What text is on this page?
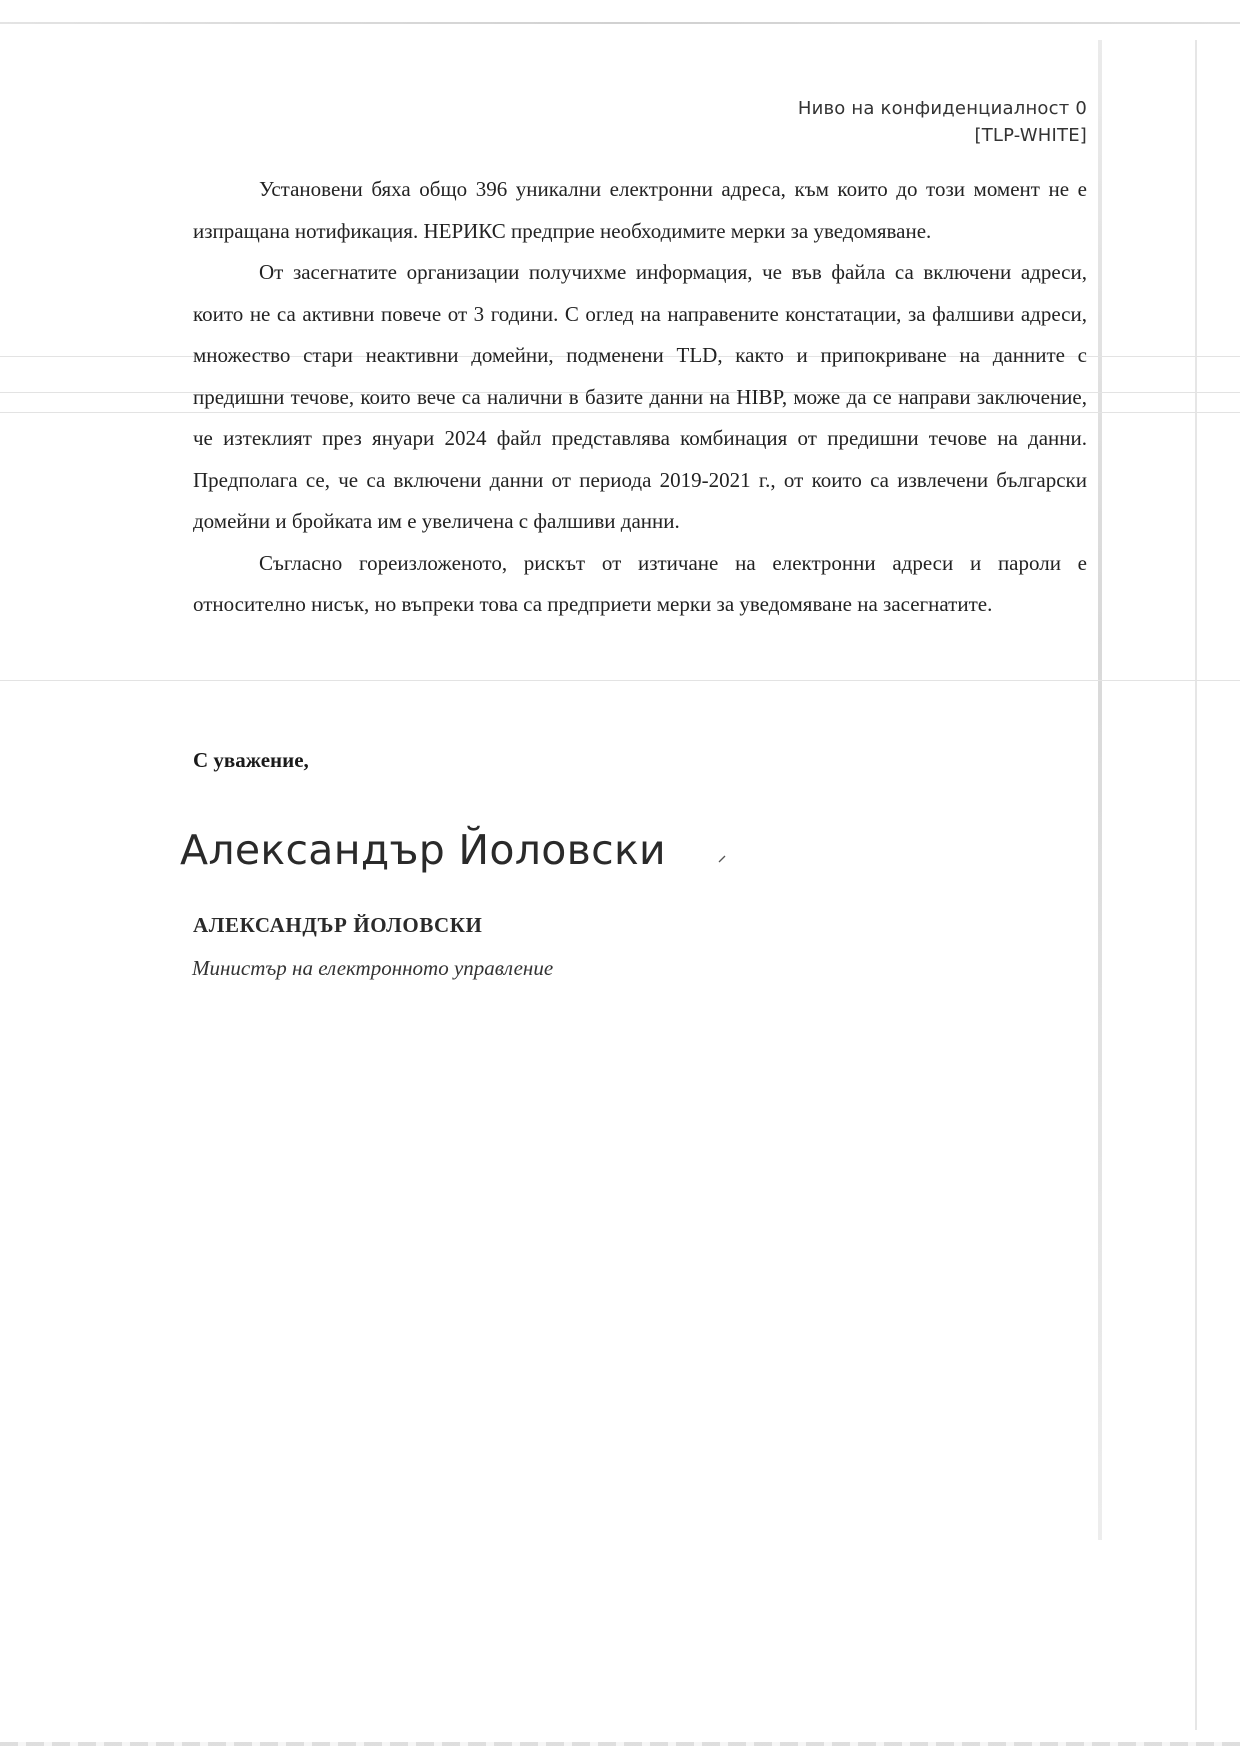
Ниво на конфиденциалност 0
[TLP-WHITE]

Установени бяха общо 396 уникални електронни адреса, към които до този момент не е изпращана нотификация. НЕРИКС предприе необходимите мерки за уведомяване.

От засегнатите организации получихме информация, че във файла са включени адреси, които не са активни повече от 3 години. С оглед на направените констатации, за фалшиви адреси, множество стари неактивни домейни, подменени TLD, както и припокриване на данните с предишни течове, които вече са налични в базите данни на HIBP, може да се направи заключение, че изтеклият през януари 2024 файл представлява комбинация от предишни течове на данни. Предполага се, че са включени данни от периода 2019-2021 г., от които са извлечени български домейни и бройката им е увеличена с фалшиви данни.

Съгласно гореизложеното, рискът от изтичане на електронни адреси и пароли е относително нисък, но въпреки това са предприети мерки за уведомяване на засегнатите.

С уважение,
Александър Йоловски
АЛЕКСАНДЪР ЙОЛОВСКИ
Министър на електронното управление
